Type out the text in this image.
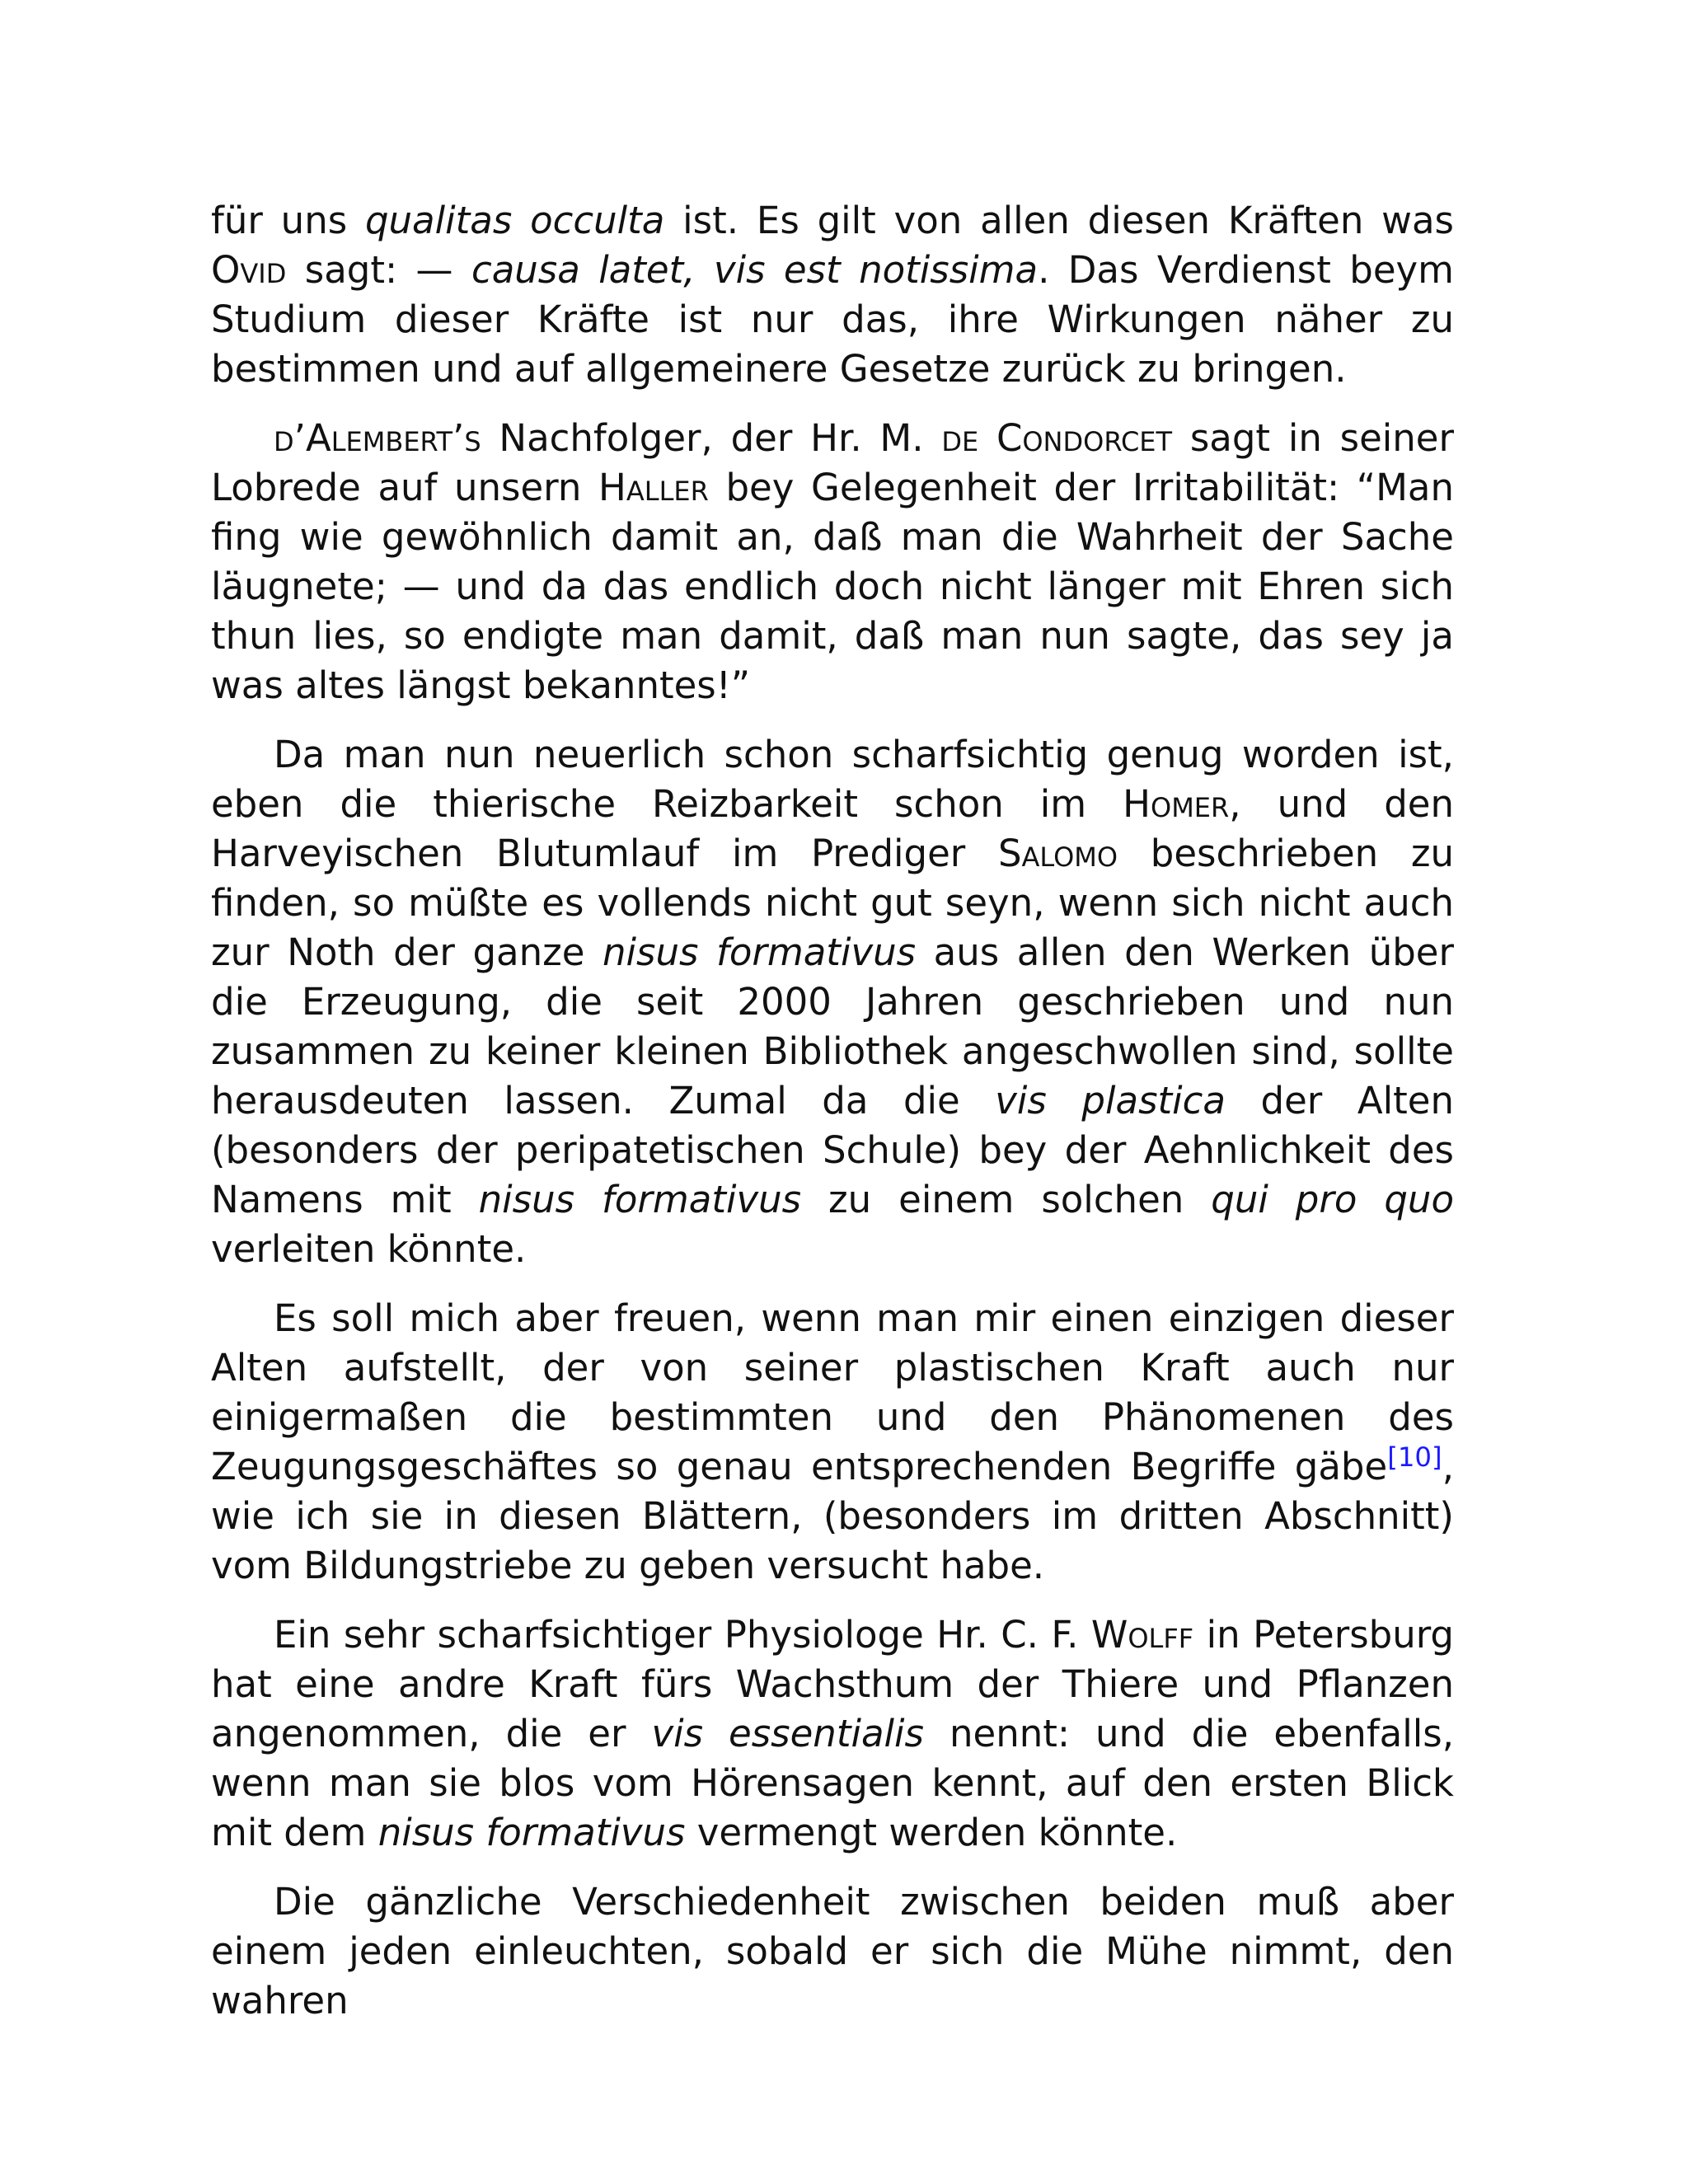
für uns qualitas occulta ist. Es gilt von allen diesen Kräften was Ovid sagt: — causa latet, vis est notissima. Das Verdienst beym Studium dieser Kräfte ist nur das, ihre Wirkungen näher zu bestimmen und auf allgemeinere Gesetze zurück zu bringen.

d’Alembert’s Nachfolger, der Hr. M. de Condorcet sagt in seiner Lobrede auf unsern Haller bey Gelegenheit der Irritabilität: “Man fing wie gewöhnlich damit an, daß man die Wahrheit der Sache läugnete; — und da das endlich doch nicht länger mit Ehren sich thun lies, so endigte man damit, daß man nun sagte, das sey ja was altes längst bekanntes!”

Da man nun neuerlich schon scharfsichtig genug worden ist, eben die thierische Reizbarkeit schon im Homer, und den Harveyischen Blutumlauf im Prediger Salomo beschrieben zu finden, so müßte es vollends nicht gut seyn, wenn sich nicht auch zur Noth der ganze nisus formativus aus allen den Werken über die Erzeugung, die seit 2000 Jahren geschrieben und nun zusammen zu keiner kleinen Bibliothek angeschwollen sind, sollte herausdeuten lassen. Zumal da die vis plastica der Alten (besonders der peripatetischen Schule) bey der Aehnlichkeit des Namens mit nisus formativus zu einem solchen qui pro quo verleiten könnte.

Es soll mich aber freuen, wenn man mir einen einzigen dieser Alten aufstellt, der von seiner plastischen Kraft auch nur einigermaßen die bestimmten und den Phänomenen des Zeugungsgeschäftes so genau entsprechenden Begriffe gäbe[10], wie ich sie in diesen Blättern, (besonders im dritten Abschnitt) vom Bildungstriebe zu geben versucht habe.

Ein sehr scharfsichtiger Physiologe Hr. C. F. Wolff in Petersburg hat eine andre Kraft fürs Wachsthum der Thiere und Pflanzen angenommen, die er vis essentialis nennt: und die ebenfalls, wenn man sie blos vom Hörensagen kennt, auf den ersten Blick mit dem nisus formativus vermengt werden könnte.

Die gänzliche Verschiedenheit zwischen beiden muß aber einem jeden einleuchten, sobald er sich die Mühe nimmt, den wahren
